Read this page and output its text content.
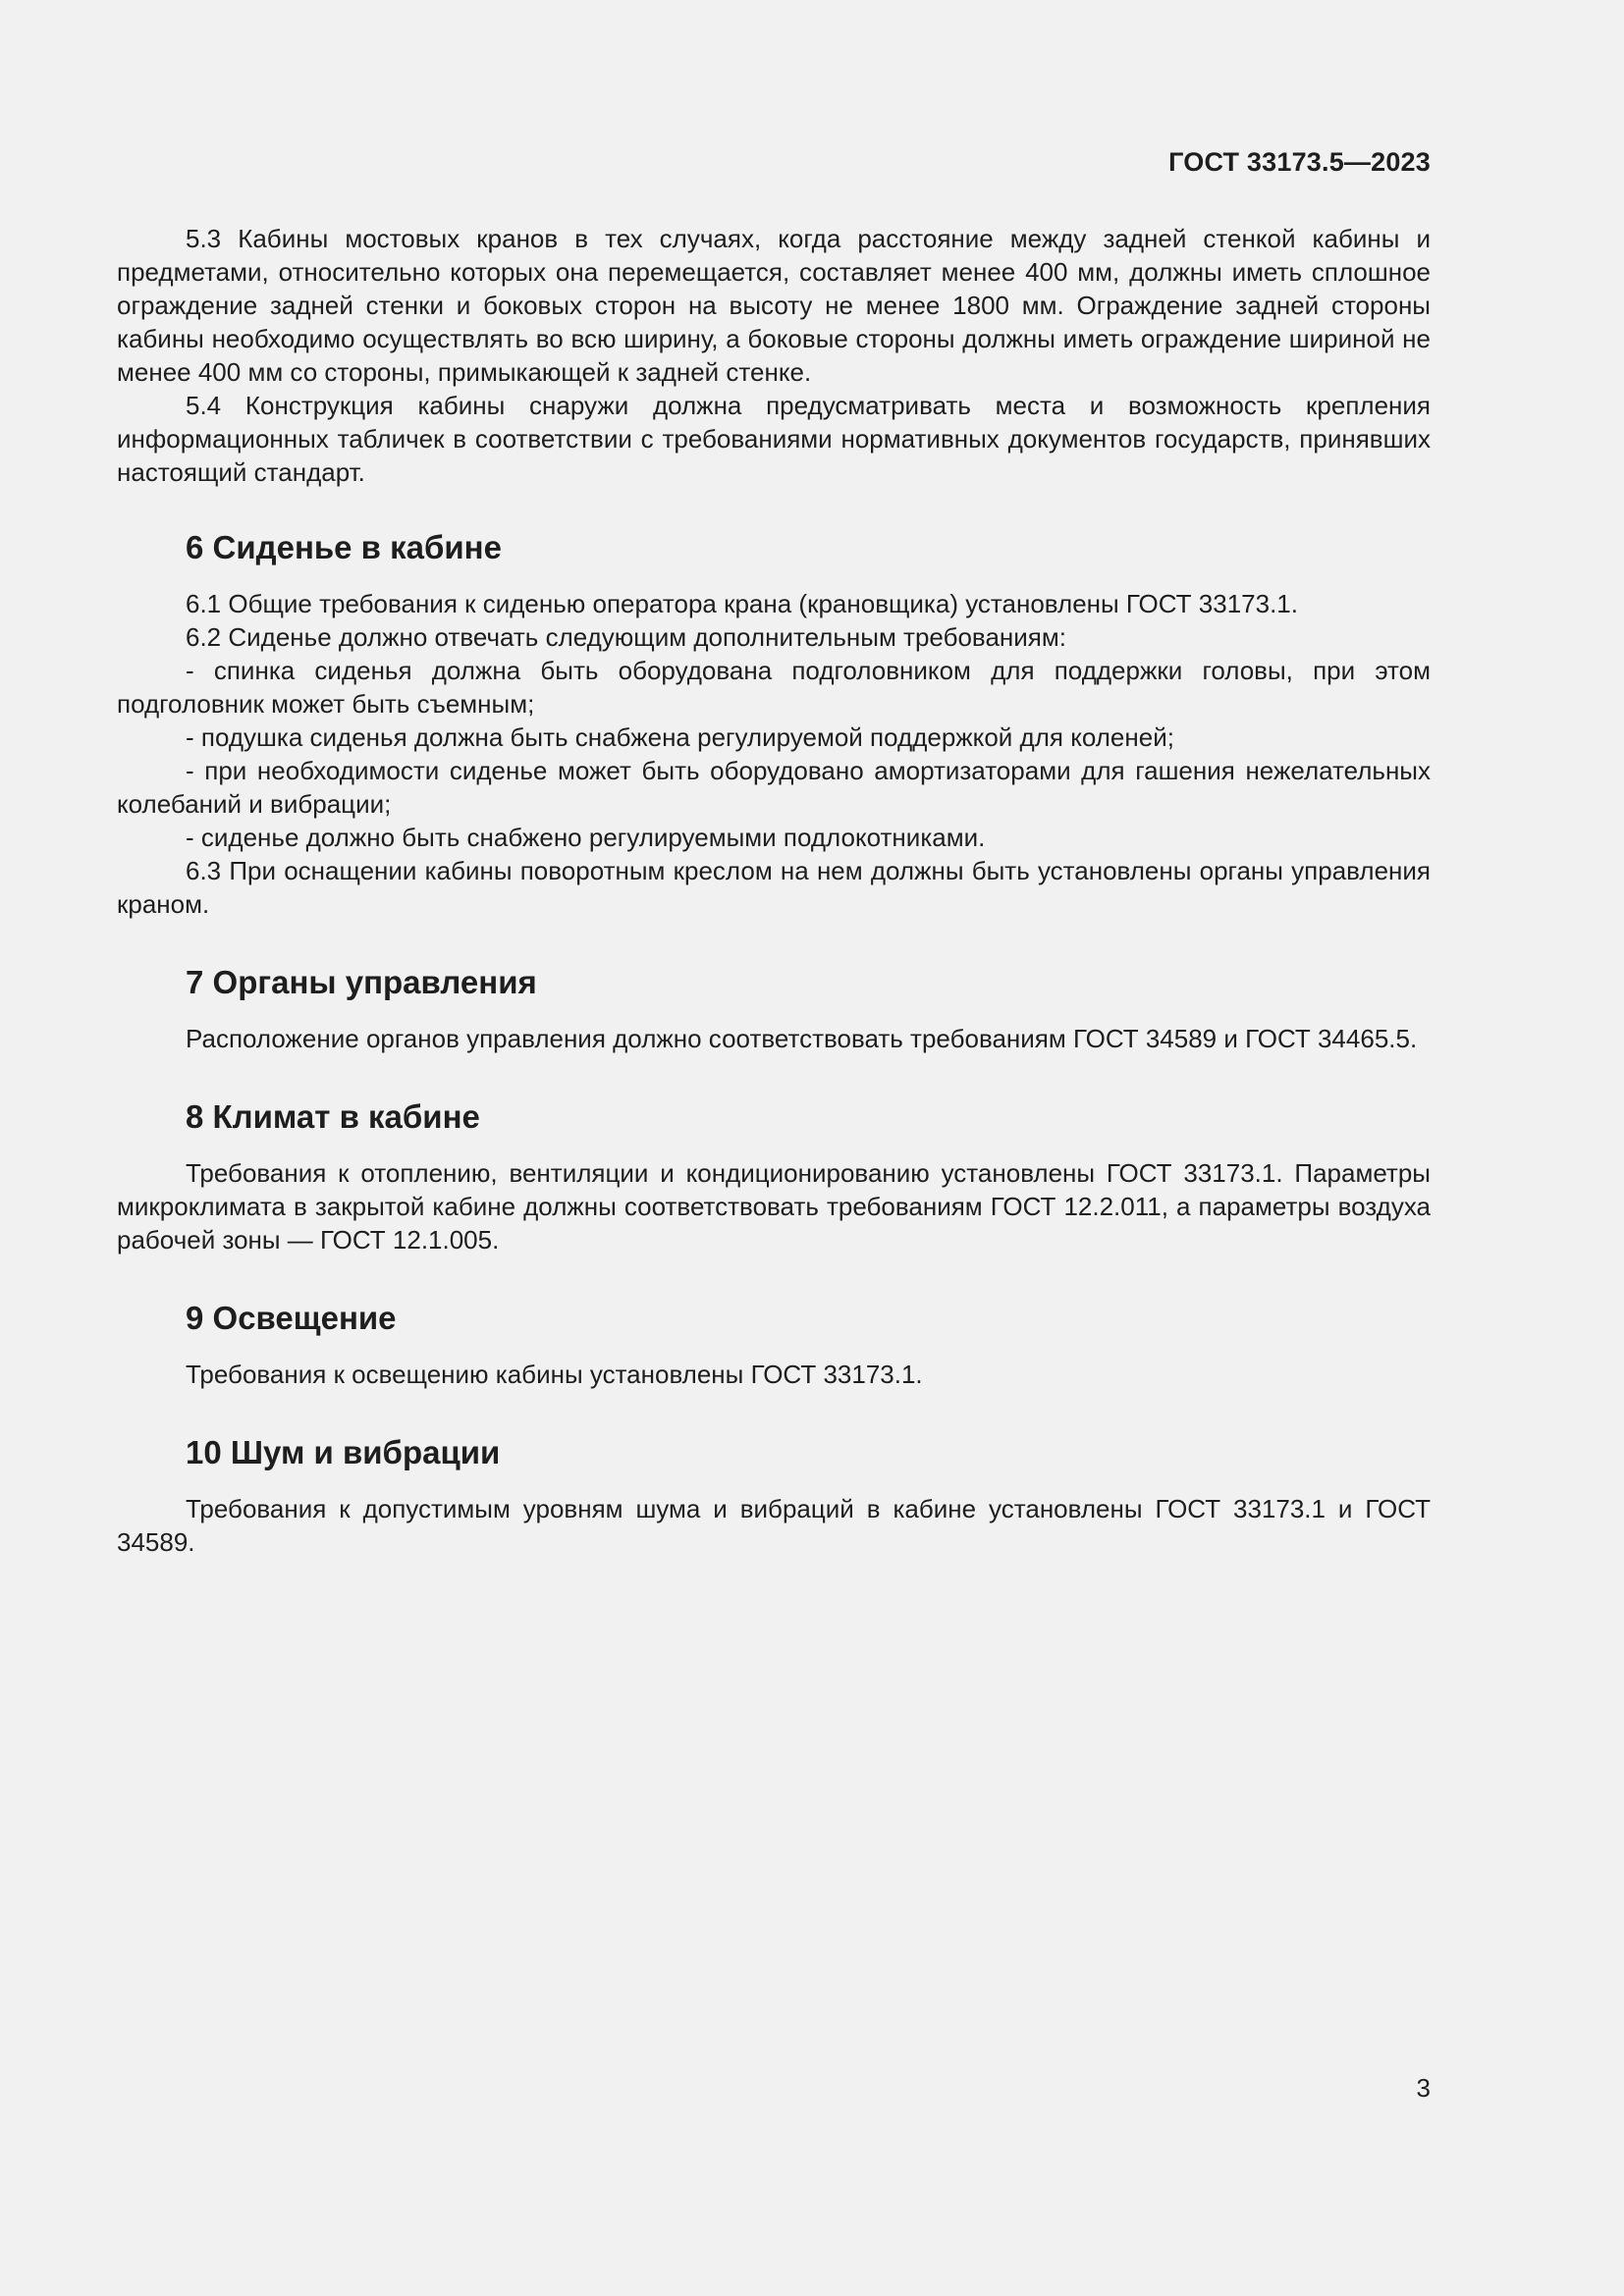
ГОСТ 33173.5—2023

5.3 Кабины мостовых кранов в тех случаях, когда расстояние между задней стенкой кабины и предметами, относительно которых она перемещается, составляет менее 400 мм, должны иметь сплошное ограждение задней стенки и боковых сторон на высоту не менее 1800 мм. Ограждение задней стороны кабины необходимо осуществлять во всю ширину, а боковые стороны должны иметь ограждение шириной не менее 400 мм со стороны, примыкающей к задней стенке.

5.4 Конструкция кабины снаружи должна предусматривать места и возможность крепления информационных табличек в соответствии с требованиями нормативных документов государств, принявших настоящий стандарт.

6 Сиденье в кабине

6.1 Общие требования к сиденью оператора крана (крановщика) установлены ГОСТ 33173.1.

6.2 Сиденье должно отвечать следующим дополнительным требованиям:

- спинка сиденья должна быть оборудована подголовником для поддержки головы, при этом подголовник может быть съемным;

- подушка сиденья должна быть снабжена регулируемой поддержкой для коленей;

- при необходимости сиденье может быть оборудовано амортизаторами для гашения нежелательных колебаний и вибрации;

- сиденье должно быть снабжено регулируемыми подлокотниками.

6.3 При оснащении кабины поворотным креслом на нем должны быть установлены органы управления краном.

7 Органы управления

Расположение органов управления должно соответствовать требованиям ГОСТ 34589 и ГОСТ 34465.5.

8 Климат в кабине

Требования к отоплению, вентиляции и кондиционированию установлены ГОСТ 33173.1. Параметры микроклимата в закрытой кабине должны соответствовать требованиям ГОСТ 12.2.011, а параметры воздуха рабочей зоны — ГОСТ 12.1.005.

9 Освещение

Требования к освещению кабины установлены ГОСТ 33173.1.

10 Шум и вибрации

Требования к допустимым уровням шума и вибраций в кабине установлены ГОСТ 33173.1 и ГОСТ 34589.

3
